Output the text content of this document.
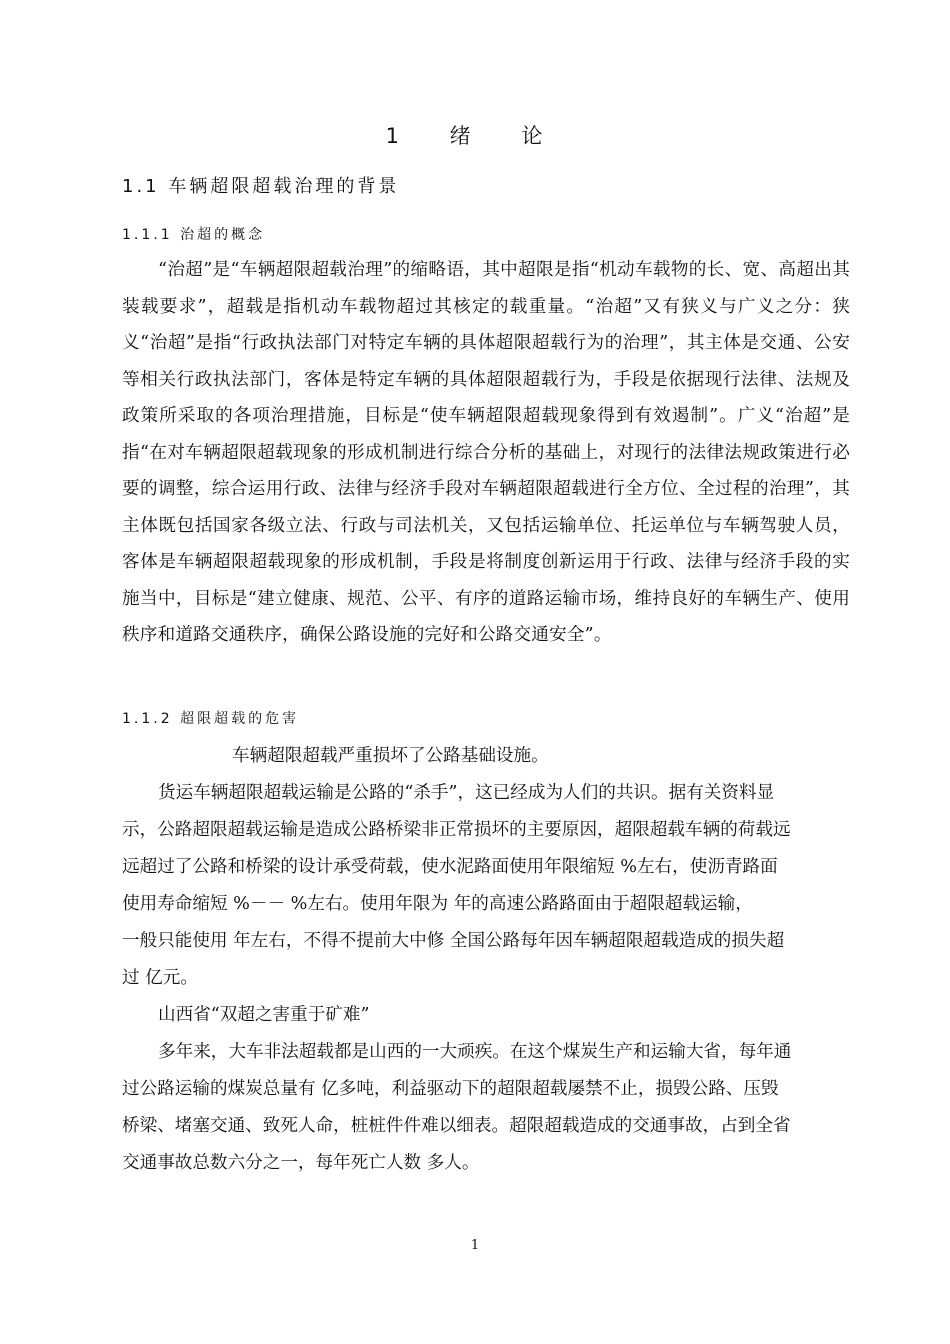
1 绪 论
1.1 车辆超限超载治理的背景
1.1.1 治超的概念

“治超”是“车辆超限超载治理”的缩略语，其中超限是指“机动车载物的长、宽、高超出其装载要求”，超载是指机动车载物超过其核定的载重量。“治超”又有狭义与广义之分：狭义“治超”是指“行政执法部门对特定车辆的具体超限超载行为的治理”，其主体是交通、公安等相关行政执法部门，客体是特定车辆的具体超限超载行为，手段是依据现行法律、法规及政策所采取的各项治理措施，目标是“使车辆超限超载现象得到有效遏制”。广义“治超”是指“在对车辆超限超载现象的形成机制进行综合分析的基础上，对现行的法律法规政策进行必要的调整，综合运用行政、法律与经济手段对车辆超限超载进行全方位、全过程的治理”，其主体既包括国家各级立法、行政与司法机关，又包括运输单位、托运单位与车辆驾驶人员，客体是车辆超限超载现象的形成机制，手段是将制度创新运用于行政、法律与经济手段的实施当中，目标是“建立健康、规范、公平、有序的道路运输市场，维持良好的车辆生产、使用秩序和道路交通秩序，确保公路设施的完好和公路交通安全”。

1.1.2 超限超载的危害

车辆超限超载严重损坏了公路基础设施。

货运车辆超限超载运输是公路的“杀手”，这已经成为人们的共识。据有关资料显

示，公路超限超载运输是造成公路桥梁非正常损坏的主要原因，超限超载车辆的荷载远

远超过了公路和桥梁的设计承受荷载，使水泥路面使用年限缩短 %左右，使沥青路面

使用寿命缩短 %－－ %左右。使用年限为 年的高速公路路面由于超限超载运输，

一般只能使用 年左右，不得不提前大中修 全国公路每年因车辆超限超载造成的损失超

过 亿元。

山西省“双超之害重于矿难”

多年来，大车非法超载都是山西的一大顽疾。在这个煤炭生产和运输大省，每年通

过公路运输的煤炭总量有 亿多吨，利益驱动下的超限超载屡禁不止，损毁公路、压毁

桥梁、堵塞交通、致死人命，桩桩件件难以细表。超限超载造成的交通事故，占到全省

交通事故总数六分之一，每年死亡人数 多人。

1
